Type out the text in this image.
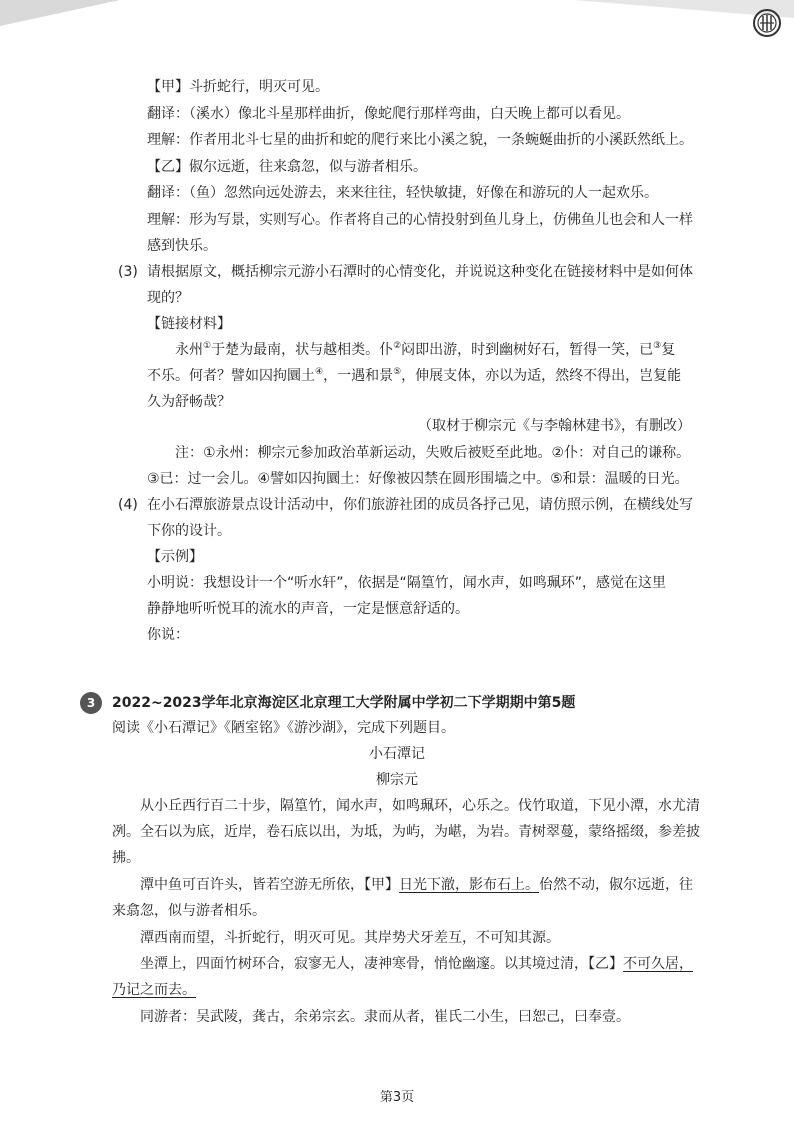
【甲】斗折蛇行，明灭可见。
翻译：（溪水）像北斗星那样曲折，像蛇爬行那样弯曲，白天晚上都可以看见。
理解：作者用北斗七星的曲折和蛇的爬行来比小溪之貌，一条蜿蜒曲折的小溪跃然纸上。
【乙】俶尔远逝，往来翕忽，似与游者相乐。
翻译：（鱼）忽然向远处游去，来来往往，轻快敏捷，好像在和游玩的人一起欢乐。
理解：形为写景，实则写心。作者将自己的心情投射到鱼儿身上，仿佛鱼儿也会和人一样
感到快乐。
(3) 请根据原文，概括柳宗元游小石潭时的心情变化，并说说这种变化在链接材料中是如何体
现的？
【链接材料】
永州①于楚为最南，状与越相类。仆②闷即出游，时到幽树好石，暂得一笑，已③复
不乐。何者？譬如囚拘圜土④，一遇和景⑤，伸展支体，亦以为适，然终不得出，岂复能
久为舒畅哉？
（取材于柳宗元《与李翰林建书》，有删改）
注：①永州：柳宗元参加政治革新运动，失败后被贬至此地。②仆：对自己的谦称。
③已：过一会儿。④譬如囚拘圜土：好像被囚禁在圆形围墙之中。⑤和景：温暖的日光。
(4) 在小石潭旅游景点设计活动中，你们旅游社团的成员各抒己见，请仿照示例，在横线处写
下你的设计。
【示例】
小明说：我想设计一个“听水轩”，依据是“隔篁竹，闻水声，如鸣珮环”，感觉在这里
静静地听听悦耳的流水的声音，一定是惬意舒适的。
你说：
3	2022~2023学年北京海淀区北京理工大学附属中学初二下学期期中第5题
阅读《小石潭记》《陋室铭》《游沙湖》，完成下列题目。
小石潭记
柳宗元
从小丘西行百二十步，隔篁竹，闻水声，如鸣珮环，心乐之。伐竹取道，下见小潭，水尤清
冽。全石以为底，近岸，卷石底以出，为坻，为屿，为嵁，为岩。青树翠蔓，蒙络摇缀，参差披
拂。
潭中鱼可百许头，皆若空游无所依，【甲】日光下澈，影布石上。佁然不动，俶尔远逝，往
来翕忽，似与游者相乐。
潭西南而望，斗折蛇行，明灭可见。其岸势犬牙差互，不可知其源。
坐潭上，四面竹树环合，寂寥无人，凄神寒骨，悄怆幽邃。以其境过清，【乙】不可久居，
乃记之而去。
同游者：吴武陵，龚古，余弟宗玄。隶而从者，崔氏二小生，曰恕己，曰奉壹。
第3页
